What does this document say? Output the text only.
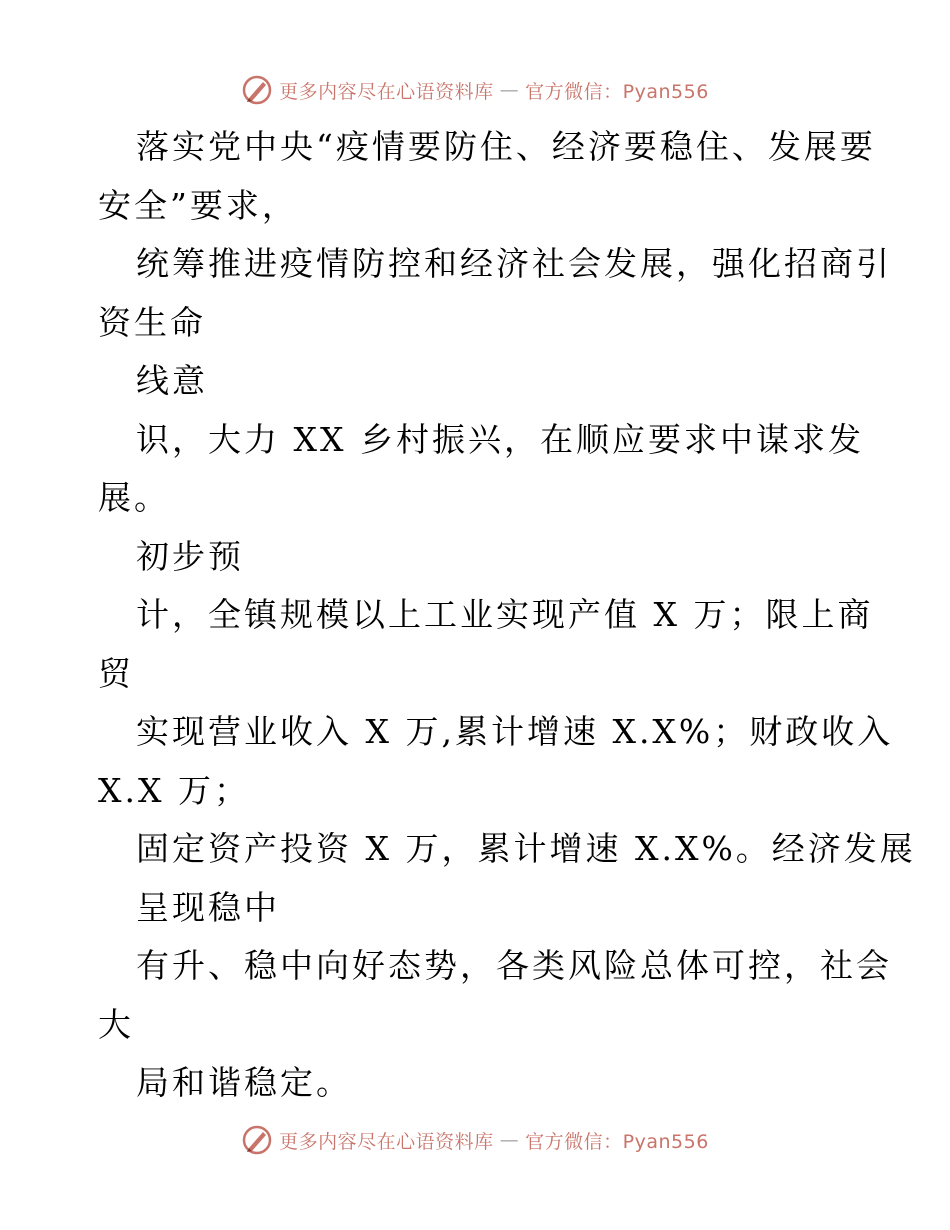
更多内容尽在心语资料库 — 官方微信：Pyan556
落实党中央“疫情要防住、经济要稳住、发展要
安全”要求，
统筹推进疫情防控和经济社会发展，强化招商引
资生命
线意
识，大力 XX 乡村振兴，在顺应要求中谋求发
展。
初步预
计，全镇规模以上工业实现产值 X 万；限上商
贸
实现营业收入 X 万,累计增速 X.X%；财政收入
X.X 万；
固定资产投资 X 万，累计增速 X.X%。经济发展
呈现稳中
有升、稳中向好态势，各类风险总体可控，社会
大
局和谐稳定。
更多内容尽在心语资料库 — 官方微信：Pyan556
